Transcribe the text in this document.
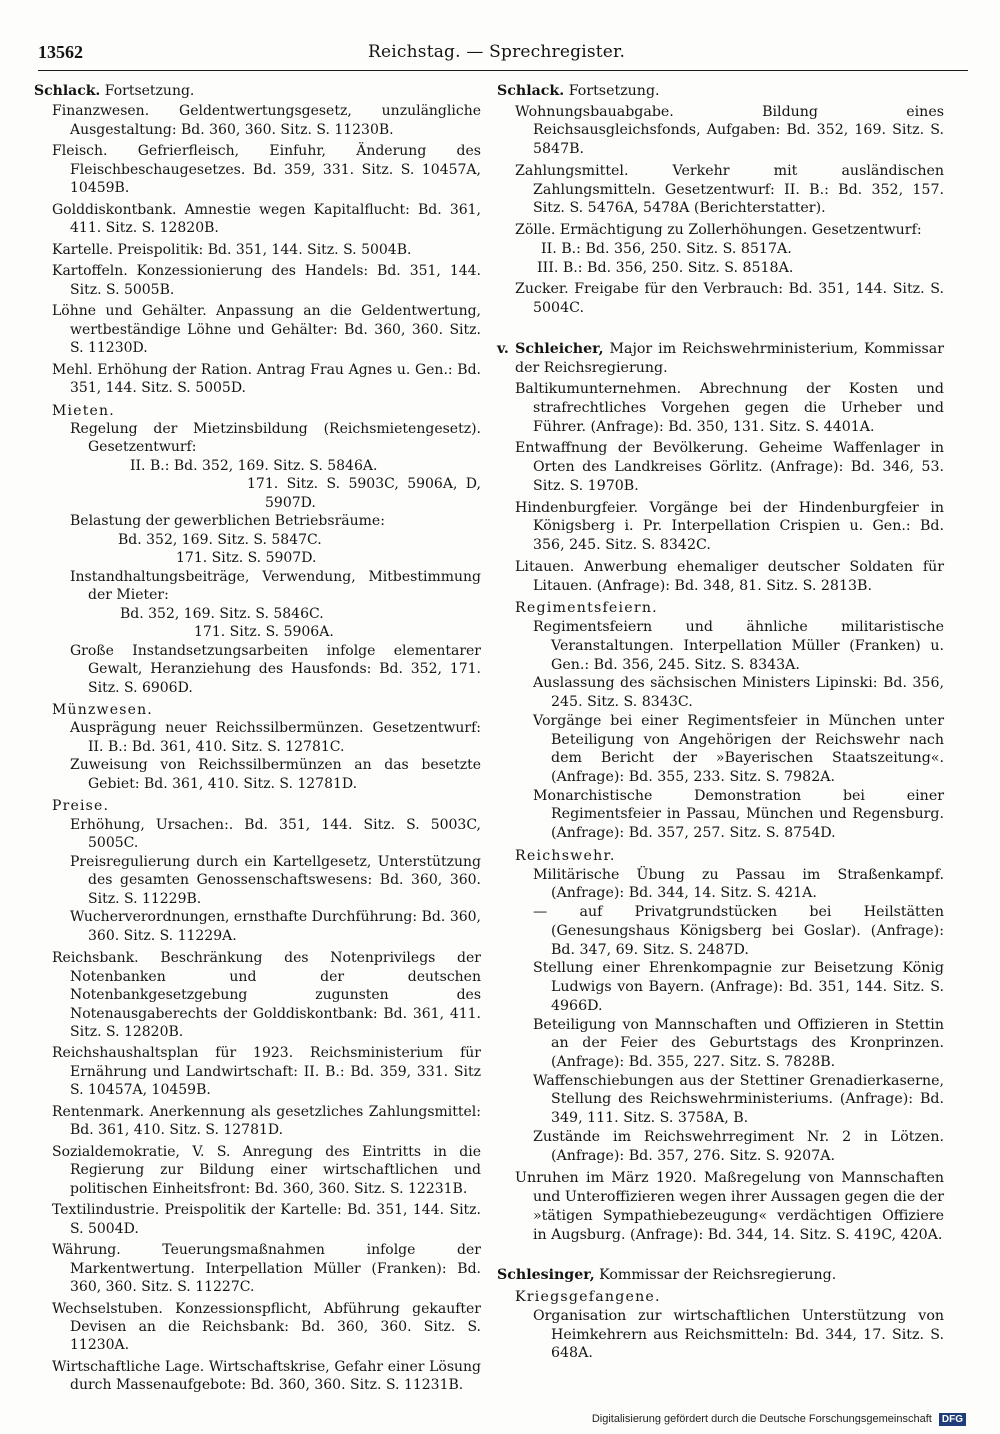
13562	Reichstag. — Sprechregister.
Schlack. Fortsetzung.
Finanzwesen. Geldentwertungsgesetz, unzulängliche Ausgestaltung: Bd. 360, 360. Sitz. S. 11230B.
Fleisch. Gefrierfleisch, Einfuhr, Änderung des Fleischbeschaugesetzes. Bd. 359, 331. Sitz. S. 10457A, 10459B.
Golddiskontbank. Amnestie wegen Kapitalflucht: Bd. 361, 411. Sitz. S. 12820B.
Kartelle. Preispolitik: Bd. 351, 144. Sitz. S. 5004B.
Kartoffeln. Konzessionierung des Handels: Bd. 351, 144. Sitz. S. 5005B.
Löhne und Gehälter. Anpassung an die Geldentwertung, wertbeständige Löhne und Gehälter: Bd. 360, 360. Sitz. S. 11230D.
Mehl. Erhöhung der Ration. Antrag Frau Agnes u. Gen.: Bd. 351, 144. Sitz. S. 5005D.
Mieten.
Regelung der Mietzinsbildung (Reichsmietengesetz). Gesetzentwurf:
II. B.: Bd. 352, 169. Sitz. S. 5846A.
171. Sitz. S. 5903C, 5906A, D, 5907D.
Belastung der gewerblichen Betriebsräume:
Bd. 352, 169. Sitz. S. 5847C.
171. Sitz. S. 5907D.
Instandhaltungsbeiträge, Verwendung, Mitbestimmung der Mieter:
Bd. 352, 169. Sitz. S. 5846C.
171. Sitz. S. 5906A.
Große Instandsetzungsarbeiten infolge elementarer Gewalt, Heranziehung des Hausfonds: Bd. 352, 171. Sitz. S. 6906D.
Münzwesen.
Ausprägung neuer Reichssilbermünzen. Gesetzentwurf: II. B.: Bd. 361, 410. Sitz. S. 12781C.
Zuweisung von Reichssilbermünzen an das besetzte Gebiet: Bd. 361, 410. Sitz. S. 12781D.
Preise.
Erhöhung, Ursachen:. Bd. 351, 144. Sitz. S. 5003C, 5005C.
Preisregulierung durch ein Kartellgesetz, Unterstützung des gesamten Genossenschaftswesens: Bd. 360, 360. Sitz. S. 11229B.
Wucherverordnungen, ernsthafte Durchführung: Bd. 360, 360. Sitz. S. 11229A.
Reichsbank. Beschränkung des Notenprivilegs der Notenbanken und der deutschen Notenbankgesetzgebung zugunsten des Notenausgaberechts der Golddiskontbank: Bd. 361, 411. Sitz. S. 12820B.
Reichshaushaltsplan für 1923. Reichsministerium für Ernährung und Landwirtschaft: II. B.: Bd. 359, 331. Sitz S. 10457A, 10459B.
Rentenmark. Anerkennung als gesetzliches Zahlungsmittel: Bd. 361, 410. Sitz. S. 12781D.
Sozialdemokratie, V. S. Anregung des Eintritts in die Regierung zur Bildung einer wirtschaftlichen und politischen Einheitsfront: Bd. 360, 360. Sitz. S. 12231B.
Textilindustrie. Preispolitik der Kartelle: Bd. 351, 144. Sitz. S. 5004D.
Währung. Teuerungsmaßnahmen infolge der Markentwertung. Interpellation Müller (Franken): Bd. 360, 360. Sitz. S. 11227C.
Wechselstuben. Konzessionspflicht, Abführung gekaufter Devisen an die Reichsbank: Bd. 360, 360. Sitz. S. 11230A.
Wirtschaftliche Lage. Wirtschaftskrise, Gefahr einer Lösung durch Massenaufgebote: Bd. 360, 360. Sitz. S. 11231B.
Schlack. Fortsetzung.
Wohnungsbauabgabe. Bildung eines Reichsausgleichsfonds, Aufgaben: Bd. 352, 169. Sitz. S. 5847B.
Zahlungsmittel. Verkehr mit ausländischen Zahlungsmitteln. Gesetzentwurf: II. B.: Bd. 352, 157. Sitz. S. 5476A, 5478A (Berichterstatter).
Zölle. Ermächtigung zu Zollerhöhungen. Gesetzentwurf:
II. B.: Bd. 356, 250. Sitz. S. 8517A.
III. B.: Bd. 356, 250. Sitz. S. 8518A.
Zucker. Freigabe für den Verbrauch: Bd. 351, 144. Sitz. S. 5004C.
v. Schleicher, Major im Reichswehrministerium, Kommissar der Reichsregierung.
Baltikumunternehmen. Abrechnung der Kosten und strafrechtliches Vorgehen gegen die Urheber und Führer. (Anfrage): Bd. 350, 131. Sitz. S. 4401A.
Entwaffnung der Bevölkerung. Geheime Waffenlager in Orten des Landkreises Görlitz. (Anfrage): Bd. 346, 53. Sitz. S. 1970B.
Hindenburgfeier. Vorgänge bei der Hindenburgfeier in Königsberg i. Pr. Interpellation Crispien u. Gen.: Bd. 356, 245. Sitz. S. 8342C.
Litauen. Anwerbung ehemaliger deutscher Soldaten für Litauen. (Anfrage): Bd. 348, 81. Sitz. S. 2813B.
Regimentsfeiern.
Regimentsfeiern und ähnliche militaristische Veranstaltungen. Interpellation Müller (Franken) u. Gen.: Bd. 356, 245. Sitz. S. 8343A.
Auslassung des sächsischen Ministers Lipinski: Bd. 356, 245. Sitz. S. 8343C.
Vorgänge bei einer Regimentsfeier in München unter Beteiligung von Angehörigen der Reichswehr nach dem Bericht der »Bayerischen Staatszeitung«. (Anfrage): Bd. 355, 233. Sitz. S. 7982A.
Monarchistische Demonstration bei einer Regimentsfeier in Passau, München und Regensburg. (Anfrage): Bd. 357, 257. Sitz. S. 8754D.
Reichswehr.
Militärische Übung zu Passau im Straßenkampf. (Anfrage): Bd. 344, 14. Sitz. S. 421A.
— auf Privatgrundstücken bei Heilstätten (Genesungshaus Königsberg bei Goslar). (Anfrage): Bd. 347, 69. Sitz. S. 2487D.
Stellung einer Ehrenkompagnie zur Beisetzung König Ludwigs von Bayern. (Anfrage): Bd. 351, 144. Sitz. S. 4966D.
Beteiligung von Mannschaften und Offizieren in Stettin an der Feier des Geburtstags des Kronprinzen. (Anfrage): Bd. 355, 227. Sitz. S. 7828B.
Waffenschiebungen aus der Stettiner Grenadierkaserne, Stellung des Reichswehrministeriums. (Anfrage): Bd. 349, 111. Sitz. S. 3758A, B.
Zustände im Reichswehrregiment Nr. 2 in Lötzen. (Anfrage): Bd. 357, 276. Sitz. S. 9207A.
Unruhen im März 1920. Maßregelung von Mannschaften und Unteroffizieren wegen ihrer Aussagen gegen die der »tätigen Sympathiebezeugung« verdächtigen Offiziere in Augsburg. (Anfrage): Bd. 344, 14. Sitz. S. 419C, 420A.
Schlesinger, Kommissar der Reichsregierung.
Kriegsgefangene.
Organisation zur wirtschaftlichen Unterstützung von Heimkehrern aus Reichsmitteln: Bd. 344, 17. Sitz. S. 648A.
Digitalisierung gefördert durch die Deutsche Forschungsgemeinschaft DFG
